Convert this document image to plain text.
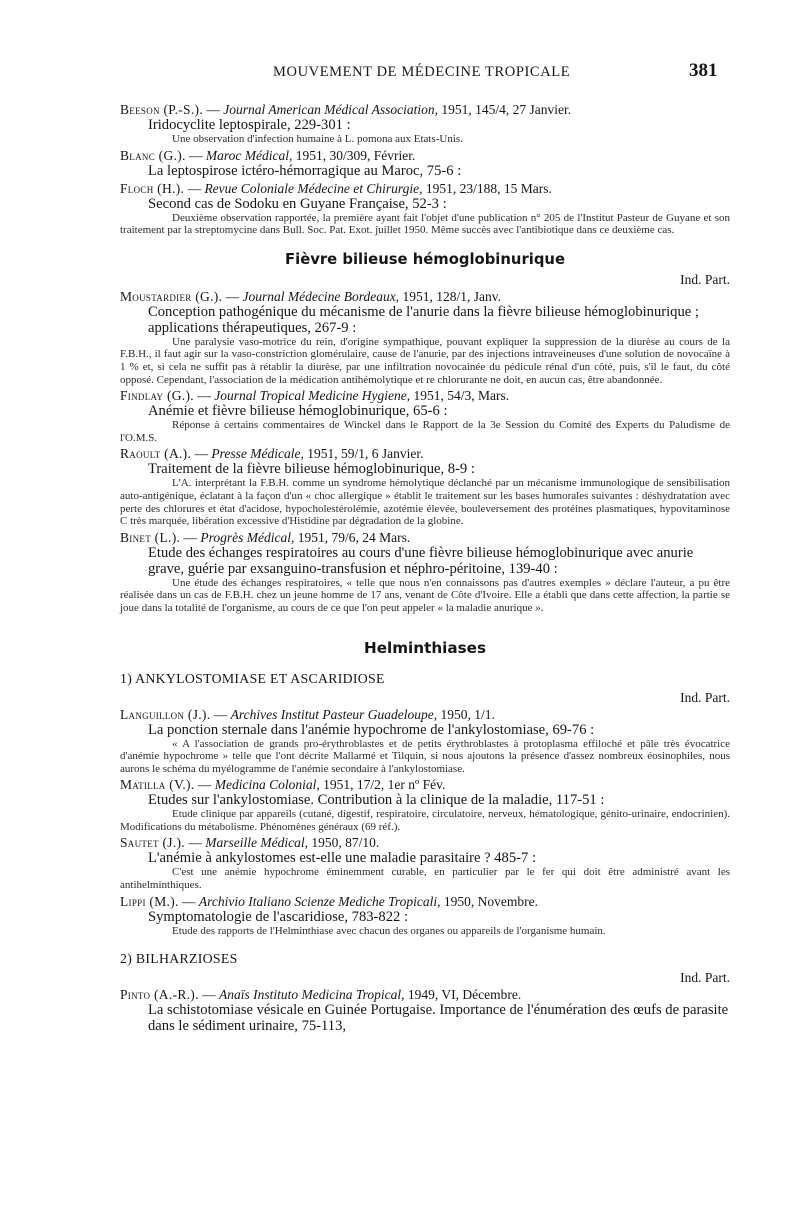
MOUVEMENT DE MÉDECINE TROPICALE	381
Beeson (P.-S.). — Journal American Médical Association, 1951, 145/4, 27 Janvier.
Iridocyclite leptospirale, 229-301 :
Une observation d'infection humaine à L. pomona aux Etats-Unis.
Blanc (G.). — Maroc Médical, 1951, 30/309, Février.
La leptospirose ictéro-hémorragique au Maroc, 75-6 :
Floch (H.). — Revue Coloniale Médecine et Chirurgie, 1951, 23/188, 15 Mars.
Second cas de Sodoku en Guyane Française, 52-3 :
Deuxième observation rapportée, la première ayant fait l'objet d'une publication n° 205 de l'Institut Pasteur de Guyane et son traitement par la streptomycine dans Bull. Soc. Pat. Exot. juillet 1950. Même succès avec l'antibiotique dans ce deuxième cas.
Fièvre bilieuse hémoglobinurique
Ind. Part.
Moustardier (G.). — Journal Médecine Bordeaux, 1951, 128/1, Janv.
Conception pathogénique du mécanisme de l'anurie dans la fièvre bilieuse hémoglobinurique ; applications thérapeutiques, 267-9 :
Une paralysie vaso-motrice du rein, d'origine sympathique, pouvant expliquer la suppression de la diurèse au cours de la F.B.H., il faut agir sur la vaso-constriction glomérulaire, cause de l'anurie, par des injections intraveineuses d'une solution de novocaïne à 1 % et, si cela ne suffit pas à rétablir la diurèse, par une infiltration novocainée du pédicule rénal d'un côté, puis, s'il le faut, du côté opposé. Cependant, l'association de la médication antihémolytique et re chlorurante ne doit, en aucun cas, être abandonnée.
Findlay (G.). — Journal Tropical Medicine Hygiene, 1951, 54/3, Mars.
Anémie et fièvre bilieuse hémoglobinurique, 65-6 :
Réponse à certains commentaires de Winckel dans le Rapport de la 3e Session du Comité des Experts du Paludisme de l'O.M.S.
Raoult (A.). — Presse Médicale, 1951, 59/1, 6 Janvier.
Traitement de la fièvre bilieuse hémoglobinurique, 8-9 :
L'A. interprétant la F.B.H. comme un syndrome hémolytique déclanché par un mécanisme immunologique de sensibilisation auto-antigénique, éclatant à la façon d'un « choc allergique » établit le traitement sur les bases humorales suivantes : déshydratation avec perte des chlorures et état d'acidose, hypocholestérolémie, azotémie élevée, bouleversement des protéines plasmatiques, hypovitaminose C très marquée, libération excessive d'Histidine par dégradation de la globine.
Binet (L.). — Progrès Médical, 1951, 79/6, 24 Mars.
Etude des échanges respiratoires au cours d'une fièvre bilieuse hémoglobinurique avec anurie grave, guérie par exsanguino-transfusion et néphro-péritoine, 139-40 :
Une étude des échanges respiratoires, « telle que nous n'en connaissons pas d'autres exemples » déclare l'auteur, a pu être réalisée dans un cas de F.B.H. chez un jeune homme de 17 ans, venant de Côte d'Ivoire. Elle a établi que dans cette affection, la partie se joue dans la totalité de l'organisme, au cours de ce que l'on peut appeler « la maladie anurique ».
Helminthiases
1) ANKYLOSTOMIASE ET ASCARIDIOSE
Ind. Part.
Languillon (J.). — Archives Institut Pasteur Guadeloupe, 1950, 1/1.
La ponction sternale dans l'anémie hypochrome de l'ankylostomiase, 69-76 :
« A l'association de grands pro-érythroblastes et de petits érythroblastes à protoplasma effiloché et pâle très évocatrice d'anémie hypochrome » telle que l'ont décrite Mallarmé et Tilquin, si nous ajoutons la présence d'assez nombreux éosinophiles, nous aurons le schéma du myélogramme de l'anémie secondaire à l'ankylostomiase.
Matilla (V.). — Medicina Colonial, 1951, 17/2, 1er nº Fév.
Etudes sur l'ankylostomiase. Contribution à la clinique de la maladie, 117-51 :
Etude clinique par appareils (cutané, digestif, respiratoire, circulatoire, nerveux, hématologique, génito-urinaire, endocrinien). Modifications du métabolisme. Phénomènes généraux (69 réf.).
Sautet (J.). — Marseille Médical, 1950, 87/10.
L'anémie à ankylostomes est-elle une maladie parasitaire ? 485-7 :
C'est une anémie hypochrome éminemment curable, en particulier par le fer qui doit être administré avant les antihelminthiques.
Lippi (M.). — Archivio Italiano Scienze Mediche Tropicali, 1950, Novembre.
Symptomatologie de l'ascaridiose, 783-822 :
Etude des rapports de l'Helminthiase avec chacun des organes ou appareils de l'organisme humain.
2) BILHARZIOSES
Ind. Part.
Pinto (A.-R.). — Anaïs Instituto Medicina Tropical, 1949, VI, Décembre.
La schistotomiase vésicale en Guinée Portugaise. Importance de l'énumération des œufs de parasite dans le sédiment urinaire, 75-113,
